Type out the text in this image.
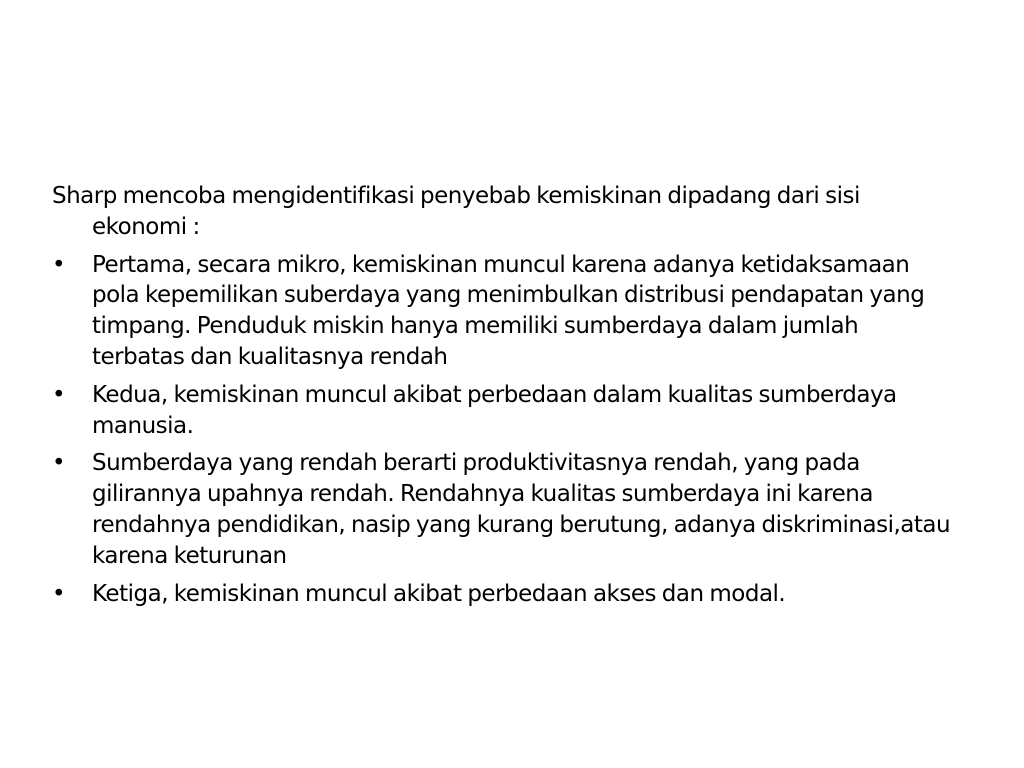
Sharp mencoba mengidentifikasi penyebab kemiskinan dipadang dari sisi ekonomi :

•	Pertama, secara mikro, kemiskinan muncul karena adanya ketidaksamaan pola kepemilikan suberdaya yang menimbulkan distribusi pendapatan yang timpang. Penduduk miskin hanya memiliki sumberdaya dalam jumlah terbatas dan kualitasnya rendah
•	Kedua, kemiskinan muncul akibat perbedaan dalam kualitas sumberdaya manusia.
•	Sumberdaya yang rendah berarti produktivitasnya rendah, yang pada gilirannya upahnya rendah. Rendahnya kualitas sumberdaya ini karena rendahnya pendidikan, nasip yang kurang berutung, adanya diskriminasi,atau karena keturunan
•	Ketiga, kemiskinan muncul akibat perbedaan akses dan modal.
